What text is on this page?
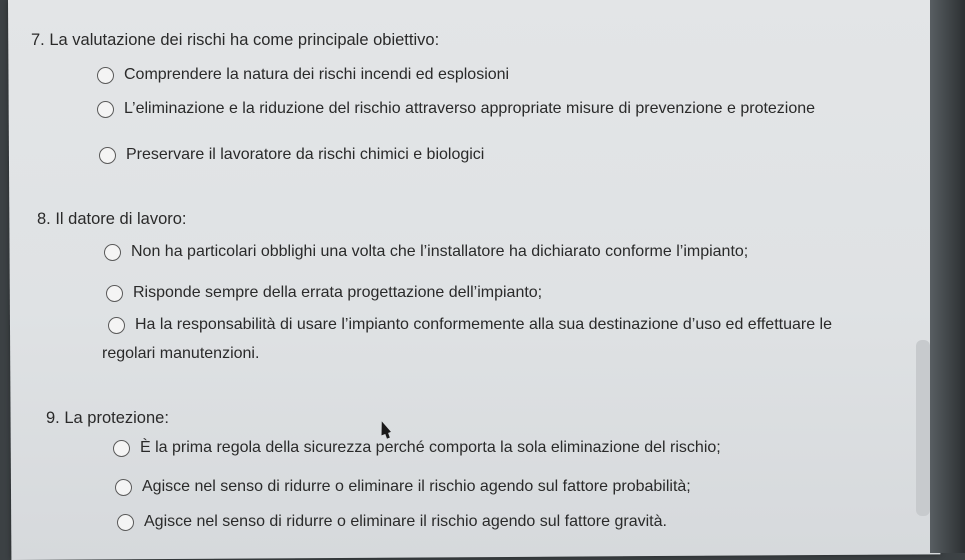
7. La valutazione dei rischi ha come principale obiettivo:
Comprendere la natura dei rischi incendi ed esplosioni
L’eliminazione e la riduzione del rischio attraverso appropriate misure di prevenzione e protezione
Preservare il lavoratore da rischi chimici e biologici
8. Il datore di lavoro:
Non ha particolari obblighi una volta che l’installatore ha dichiarato conforme l’impianto;
Risponde sempre della errata progettazione dell’impianto;
Ha la responsabilità di usare l’impianto conformemente alla sua destinazione d’uso ed effettuare le
regolari manutenzioni.
9. La protezione:
È la prima regola della sicurezza perché comporta la sola eliminazione del rischio;
Agisce nel senso di ridurre o eliminare il rischio agendo sul fattore probabilità;
Agisce nel senso di ridurre o eliminare il rischio agendo sul fattore gravità.
